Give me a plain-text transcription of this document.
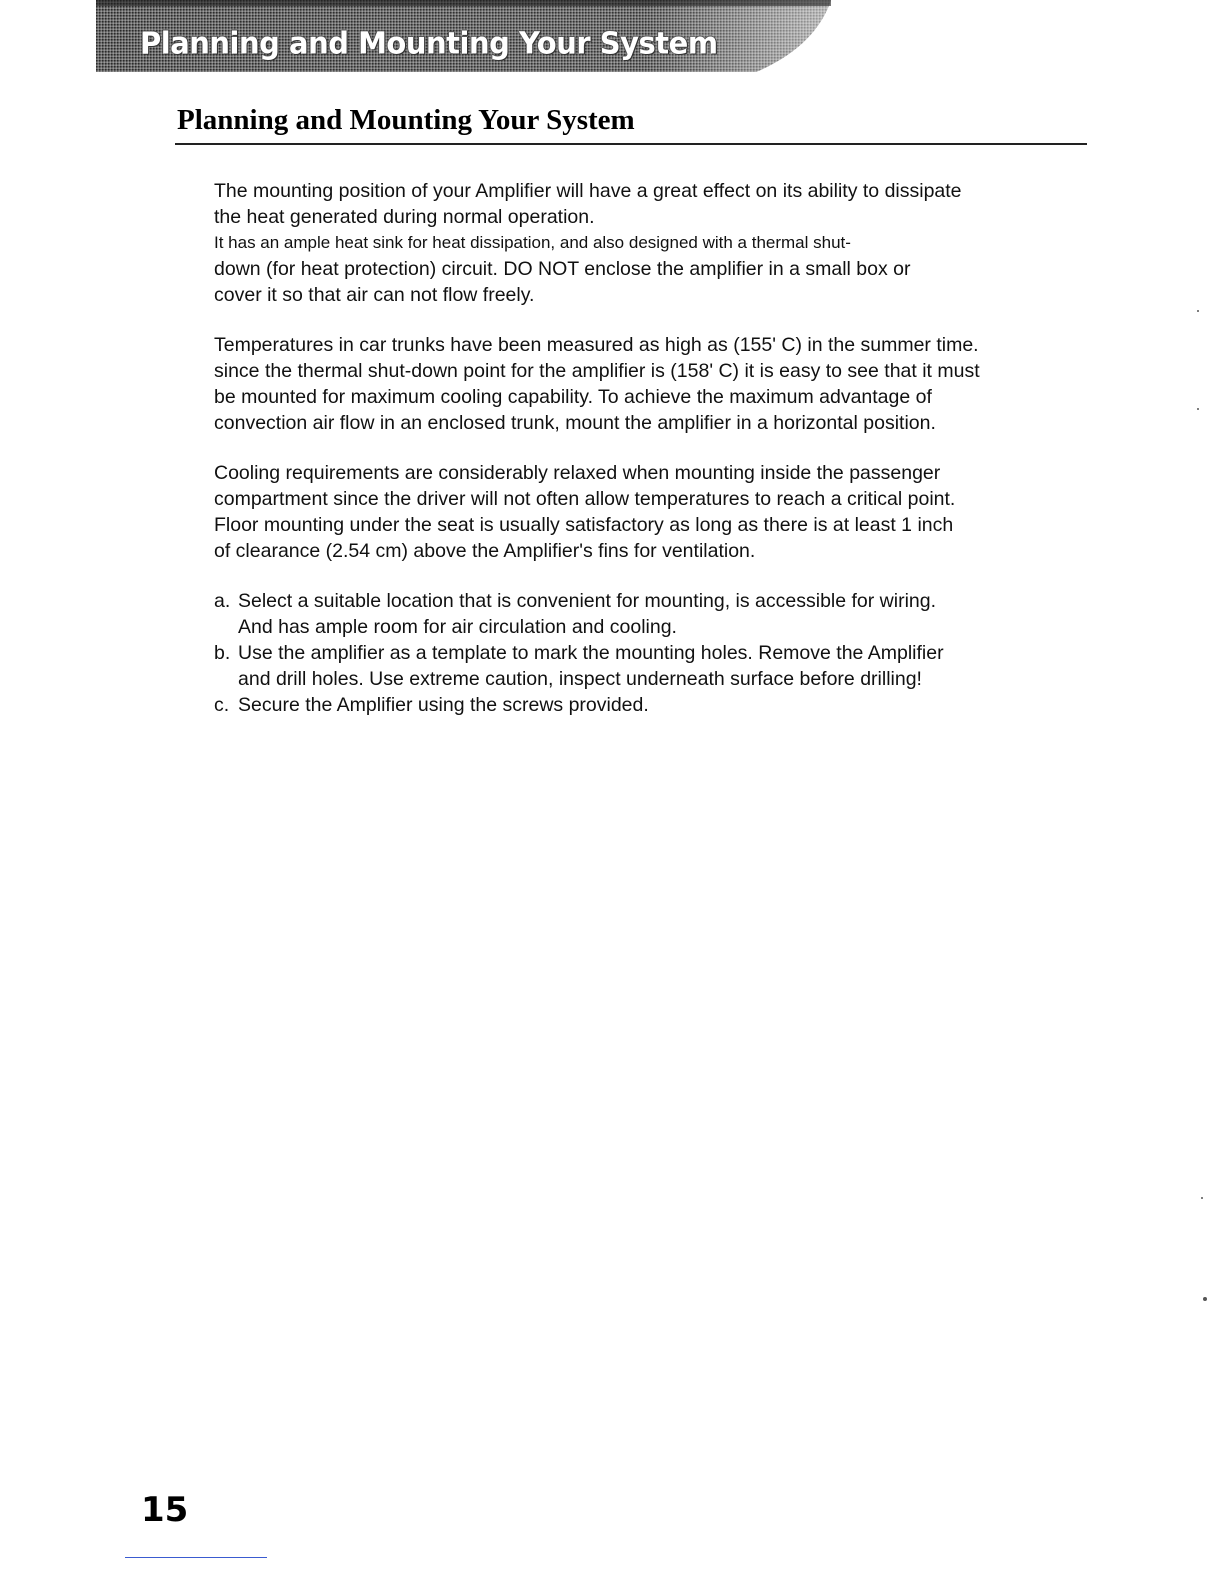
Planning and Mounting Your System
Planning and Mounting Your System

The mounting position of your Amplifier will have a great effect on its ability to dissipate
the heat generated during normal operation.
It has an ample heat sink for heat dissipation, and also designed with a thermal shut-
down (for heat protection) circuit. DO NOT enclose the amplifier in a small box or
cover it so that air can not flow freely.

Temperatures in car trunks have been measured as high as (155' C) in the summer time.
since the thermal shut-down point for the amplifier is (158' C) it is easy to see that it must
be mounted for maximum cooling capability. To achieve the maximum advantage of
convection air flow in an enclosed trunk, mount the amplifier in a horizontal position.

Cooling requirements are considerably relaxed when mounting inside the passenger
compartment since the driver will not often allow temperatures to reach a critical point.
Floor mounting under the seat is usually satisfactory as long as there is at least 1 inch
of clearance (2.54 cm) above the Amplifier's fins for ventilation.

a. Select a suitable location that is convenient for mounting, is accessible for wiring.
And has ample room for air circulation and cooling.
b. Use the amplifier as a template to mark the mounting holes. Remove the Amplifier
and drill holes. Use extreme caution, inspect underneath surface before drilling!
c. Secure the Amplifier using the screws provided.
15
